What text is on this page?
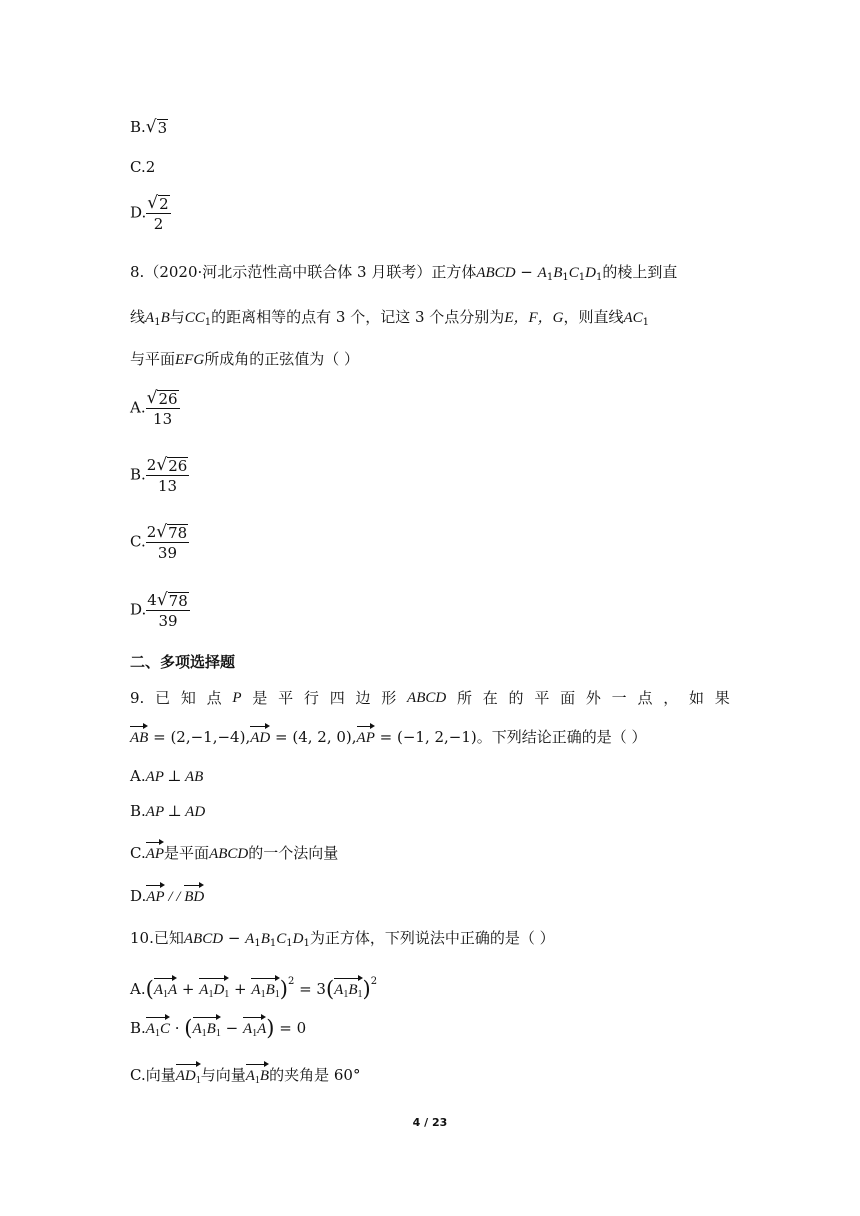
B. √ 3
C.2
D. $\frac{√ 2}{2}$
8.（2020·河北示范性高中联合体 3 月联考）正方体ABCD − $A_1B_1C_1D_1$的棱上到直
线$A_1B$与$CC_1$的距离相等的点有 3 个，记这 3 个点分别为E，F，G，则直线$AC_1$
与平面EFG所成角的正弦值为（ ）
A. $\frac{√ 26}{13}$
B. $\frac{2 √ 26}{13}$
C. $\frac{2 √ 78}{39}$
D. $\frac{4 √ 78}{39}$
二、多项选择题
9. 已 知 点 P 是 平 行 四 边 形 ABCD 所 在 的 平 面 外 一 点 ， 如 果
AB = (2,−1,−4),AD = (4, 2, 0),AP = (−1, 2,−1)。下列结论正确的是（ ）
A.AP ⊥ AB
B.AP ⊥ AD
C.AP是平面ABCD的一个法向量
D.AP / / BD
10.已知ABCD − $A_1B_1C_1D_1$为正方体，下列说法中正确的是（ ）
$A.(A_1A + A_1D_1 + A_1B_1)^2 = 3(A_1B_1)^2$
$B.A_1C \cdot (A_1B_1 - A_1A) = 0$
C.向量$AD_1$与向量$A_1B$的夹角是 60°
4 / 23
